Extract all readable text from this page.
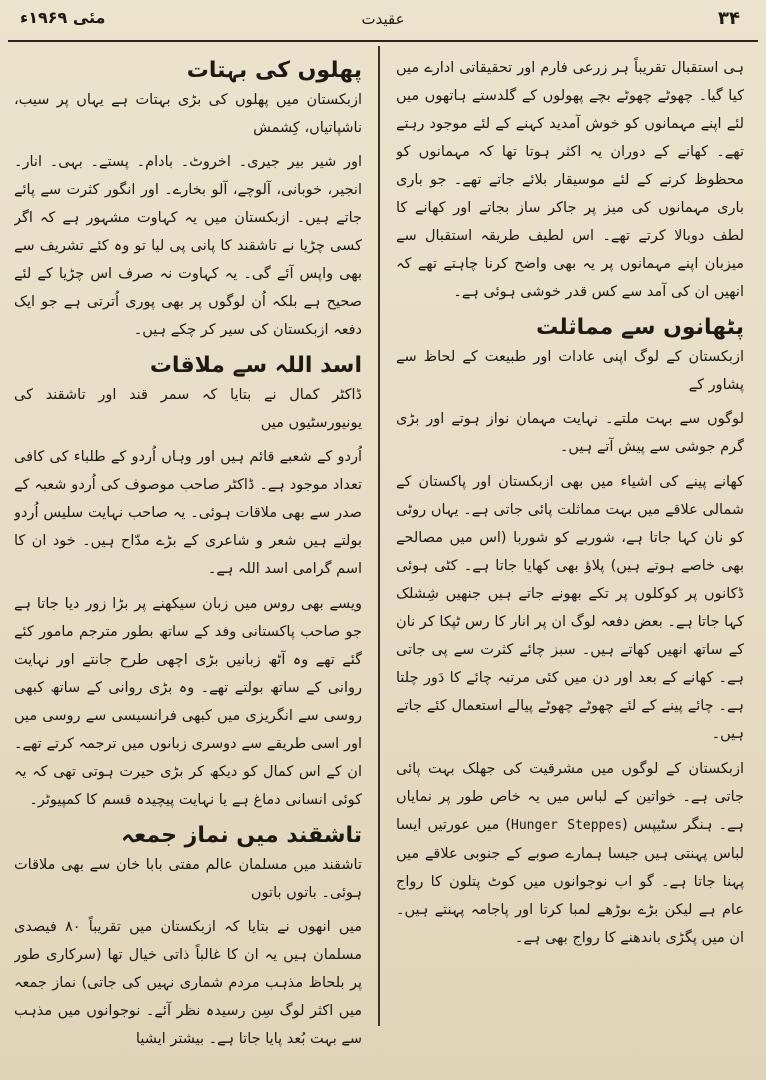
۳۴
عقیدت
مئی ۱۹۶۹ء

ہی استقبال تقریباً ہر زرعی فارم اور تحقیقاتی ادارے میں کیا گیا۔ چھوٹے چھوٹے بچے پھولوں کے گلدستے ہاتھوں میں لئے اپنے مہمانوں کو خوش آمدید کہنے کے لئے موجود رہتے تھے۔ کھانے کے دوران یہ اکثر ہوتا تھا کہ مہمانوں کو محظوظ کرنے کے لئے موسیقار بلائے جاتے تھے۔ جو باری باری مہمانوں کی میز پر جاکر ساز بجاتے اور کھانے کا لطف دوبالا کرتے تھے۔ اس لطیف طریقہ استقبال سے میزبان اپنے مہمانوں پر یہ بھی واضح کرنا چاہتے تھے کہ انھیں ان کی آمد سے کس قدر خوشی ہوئی ہے۔

پٹھانوں سے مماثلت
ازبکستان کے لوگ اپنی عادات اور طبیعت کے لحاظ سے پشاور کے

لوگوں سے بہت ملتے۔ نہایت مہمان نواز ہوتے اور بڑی گرم جوشی سے پیش آتے ہیں۔

کھانے پینے کی اشیاء میں بھی ازبکستان اور پاکستان کے شمالی علاقے میں بہت مماثلت پائی جاتی ہے۔ یہاں روٹی کو نان کہا جاتا ہے، شوربے کو شوربا (اس میں مصالحے بھی خاصے ہوتے ہیں) پلاؤ بھی کھایا جاتا ہے۔ کٹی ہوئی ڈکانوں پر کوکلوں پر تکے بھونے جاتے ہیں جنھیں شِشلک کہا جاتا ہے۔ بعض دفعہ لوگ ان پر انار کا رس ٹپکا کر نان کے ساتھ انھیں کھاتے ہیں۔ سبز چائے کثرت سے پی جاتی ہے۔ کھانے کے بعد اور دن میں کئی مرتبہ چائے کا دَور چلتا ہے۔ چائے پینے کے لئے چھوٹے چھوٹے پیالے استعمال کئے جاتے ہیں۔

ازبکستان کے لوگوں میں مشرقیت کی جھلک بہت پائی جاتی ہے۔ خواتین کے لباس میں یہ خاص طور پر نمایاں ہے۔ ہنگر سٹیپس (Hunger Steppes) میں عورتیں ایسا لباس پہنتی ہیں جیسا ہمارے صوبے کے جنوبی علاقے میں پہنا جاتا ہے۔ گو اب نوجوانوں میں کوٹ پتلون کا رواج عام ہے لیکن بڑے بوڑھے لمبا کرتا اور پاجامہ پہنتے ہیں۔ ان میں پگڑی باندھنے کا رواج بھی ہے۔

پھلوں کی بہتات
ازبکستان میں پھلوں کی بڑی بہتات ہے یہاں پر سیب، ناشپاتیاں، کِشمش

اور شیر بیر جیری۔ اخروٹ۔ بادام۔ پستے۔ بہی۔ انار۔ انجیر، خوبانی، آلوچے، آلو بخارے۔ اور انگور کثرت سے پائے جاتے ہیں۔ ازبکستان میں یہ کہاوت مشہور ہے کہ اگر کسی چڑیا نے تاشقند کا پانی پی لیا تو وہ کئے تشریف سے بھی واپس آئے گی۔ یہ کہاوت نہ صرف اس چڑیا کے لئے صحیح ہے بلکہ اُن لوگوں پر بھی پوری اُترتی ہے جو ایک دفعہ ازبکستان کی سیر کر چکے ہیں۔

اسد اللہ سے ملاقات
ڈاکٹر کمال نے بتایا کہ سمر قند اور تاشقند کی یونیورسٹیوں میں

اُردو کے شعبے قائم ہیں اور وہاں اُردو کے طلباء کی کافی تعداد موجود ہے۔ ڈاکٹر صاحب موصوف کی اُردو شعبہ کے صدر سے بھی ملاقات ہوئی۔ یہ صاحب نہایت سلیس اُردو بولتے ہیں شعر و شاعری کے بڑے مدّاح ہیں۔ خود ان کا اسم گرامی اسد اللہ ہے۔

ویسے بھی روس میں زبان سیکھنے پر بڑا زور دیا جاتا ہے جو صاحب پاکستانی وفد کے ساتھ بطور مترجم مامور کئے گئے تھے وہ آٹھ زبانیں بڑی اچھی طرح جانتے اور نہایت روانی کے ساتھ بولتے تھے۔ وہ بڑی روانی کے ساتھ کبھی روسی سے انگریزی میں کبھی فرانسیسی سے روسی میں اور اسی طریقے سے دوسری زبانوں میں ترجمہ کرتے تھے۔ ان کے اس کمال کو دیکھ کر بڑی حیرت ہوتی تھی کہ یہ کوئی انسانی دماغ ہے یا نہایت پیچیدہ قسم کا کمپیوٹر۔

تاشقند میں نماز جمعہ
تاشقند میں مسلمان عالم مفتی بابا خان سے بھی ملاقات ہوئی۔ باتوں باتوں

میں انھوں نے بتایا کہ ازبکستان میں تقریباً ۸۰ فیصدی مسلمان ہیں یہ ان کا غالباً ذاتی خیال تھا (سرکاری طور پر بلحاظ مذہب مردم شماری نہیں کی جاتی) نماز جمعہ میں اکثر لوگ سِن رسیدہ نظر آئے۔ نوجوانوں میں مذہب سے بہت بُعد پایا جاتا ہے۔ بیشتر ایشیا
